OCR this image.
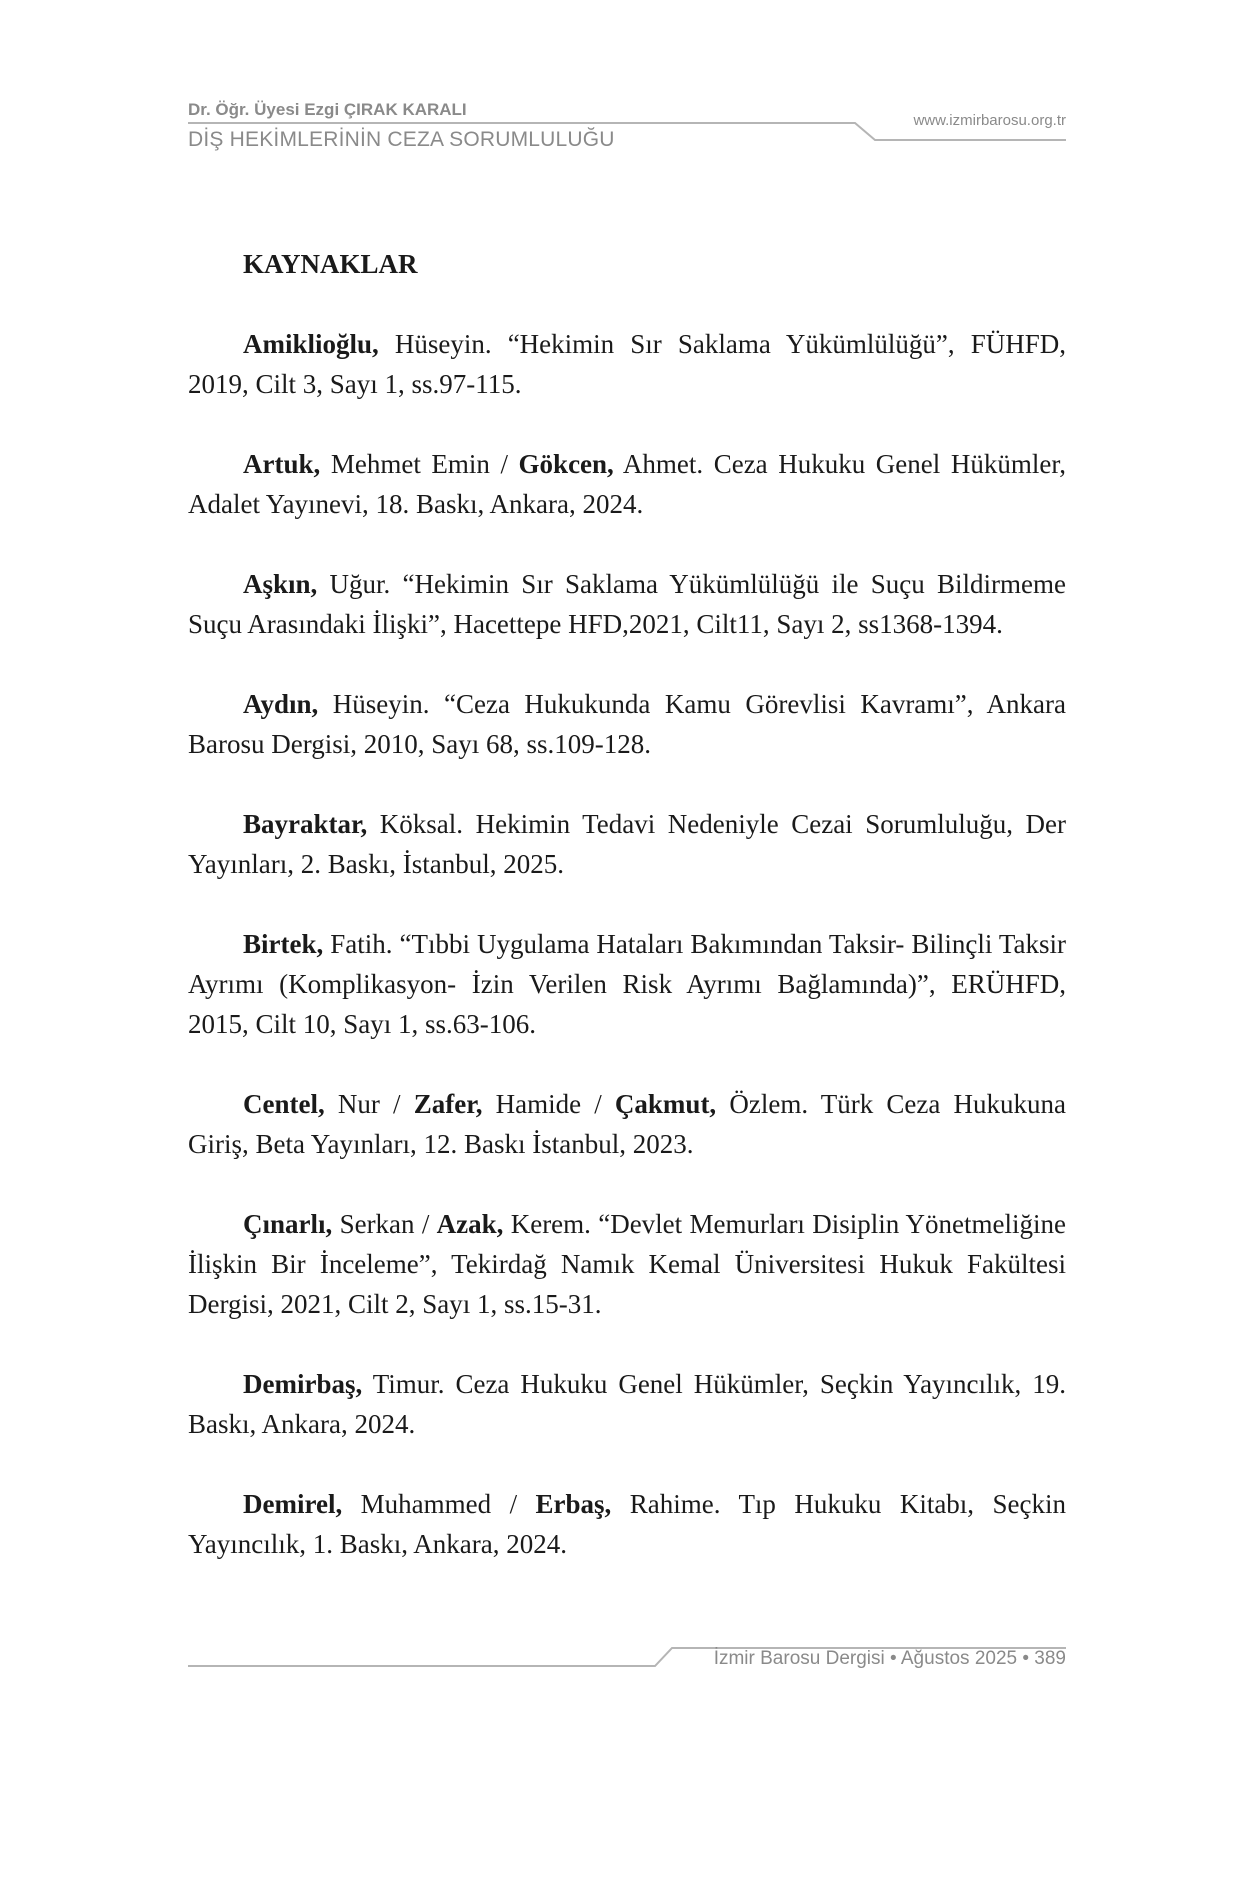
Dr. Öğr. Üyesi Ezgi ÇIRAK KARALI
DİŞ HEKİMLERİNİN CEZA SORUMLULUĞU
www.izmirbarosu.org.tr
KAYNAKLAR

Amiklioğlu, Hüseyin. “Hekimin Sır Saklama Yükümlülüğü”, FÜHFD, 2019, Cilt 3, Sayı 1, ss.97-115.

Artuk, Mehmet Emin / Gökcen, Ahmet. Ceza Hukuku Genel Hükümler, Adalet Yayınevi, 18. Baskı, Ankara, 2024.

Aşkın, Uğur. “Hekimin Sır Saklama Yükümlülüğü ile Suçu Bildirmeme Suçu Arasındaki İlişki”, Hacettepe HFD,2021, Cilt11, Sayı 2, ss1368-1394.

Aydın, Hüseyin. “Ceza Hukukunda Kamu Görevlisi Kavramı”, Ankara Barosu Dergisi, 2010, Sayı 68, ss.109-128.

Bayraktar, Köksal. Hekimin Tedavi Nedeniyle Cezai Sorumluluğu, Der Yayınları, 2. Baskı, İstanbul, 2025.

Birtek, Fatih. “Tıbbi Uygulama Hataları Bakımından Taksir- Bilinçli Taksir Ayrımı (Komplikasyon- İzin Verilen Risk Ayrımı Bağlamında)”, ERÜHFD, 2015, Cilt 10, Sayı 1, ss.63-106.

Centel, Nur / Zafer, Hamide / Çakmut, Özlem. Türk Ceza Hukukuna Giriş, Beta Yayınları, 12. Baskı İstanbul, 2023.

Çınarlı, Serkan / Azak, Kerem. “Devlet Memurları Disiplin Yönetmeliğine İlişkin Bir İnceleme”, Tekirdağ Namık Kemal Üniversitesi Hukuk Fakültesi Dergisi, 2021, Cilt 2, Sayı 1, ss.15-31.

Demirbaş, Timur. Ceza Hukuku Genel Hükümler, Seçkin Yayıncılık, 19. Baskı, Ankara, 2024.

Demirel, Muhammed / Erbaş, Rahime. Tıp Hukuku Kitabı, Seçkin Yayıncılık, 1. Baskı, Ankara, 2024.

İzmir Barosu Dergisi • Ağustos 2025 • 389
